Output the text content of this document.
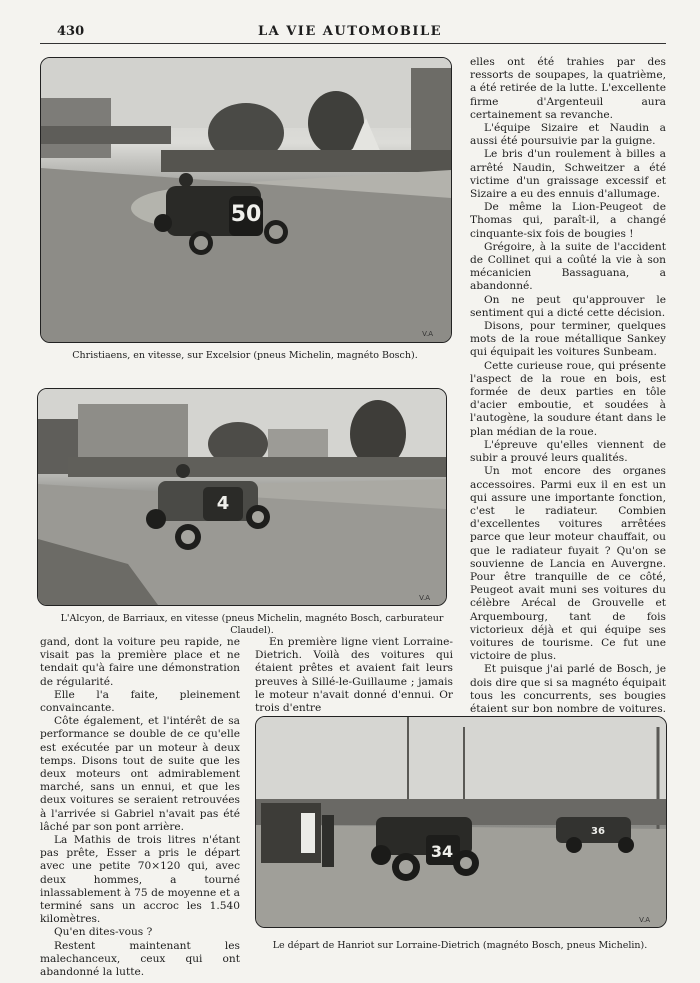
430	LA VIE AUTOMOBILE
50
V.A
Christiaens, en vitesse, sur Excelsior (pneus Michelin, magnéto Bosch).
4
V.A
L'Alcyon, de Barriaux, en vitesse (pneus Michelin, magnéto Bosch, carburateur Claudel).

elles ont été trahies par des ressorts de soupapes, la quatrième, a été retirée de la lutte. L'excellente firme d'Argenteuil aura certainement sa revanche.

L'équipe Sizaire et Naudin a aussi été poursuivie par la guigne.

Le bris d'un roulement à billes a arrêté Naudin, Schweitzer a été victime d'un graissage excessif et Sizaire a eu des ennuis d'allumage.

De même la Lion-Peugeot de Thomas qui, paraît-il, a changé cinquante-six fois de bougies !

Grégoire, à la suite de l'accident de Collinet qui a coûté la vie à son mécanicien Bassaguana, a abandonné.

On ne peut qu'approuver le sentiment qui a dicté cette décision.

Disons, pour terminer, quelques mots de la roue métallique Sankey qui équipait les voitures Sunbeam.

Cette curieuse roue, qui présente l'aspect de la roue en bois, est formée de deux parties en tôle d'acier emboutie, et soudées à l'autogène, la soudure étant dans le plan médian de la roue.

L'épreuve qu'elles viennent de subir a prouvé leurs qualités.

Un mot encore des organes accessoires. Parmi eux il en est un qui assure une importante fonction, c'est le radiateur. Combien d'excellentes voitures arrêtées parce que leur moteur chauffait, ou que le radiateur fuyait ? Qu'on se souvienne de Lancia en Auvergne. Pour être tranquille de ce côté, Peugeot avait muni ses voitures du célèbre Arécal de Grouvelle et Arquembourg, tant de fois victorieux déjà et qui équipe ses voitures de tourisme. Ce fut une victoire de plus.

Et puisque j'ai parlé de Bosch, je dois dire que si sa magnéto équipait tous les concurrents, ses bougies étaient sur bon nombre de voitures.

gand, dont la voiture peu rapide, ne visait pas la première place et ne tendait qu'à faire une démonstration de régularité.

Elle l'a faite, pleinement convaincante.

Côte également, et l'intérêt de sa performance se double de ce qu'elle est exécutée par un moteur à deux temps. Disons tout de suite que les deux moteurs ont admirablement marché, sans un ennui, et que les deux voitures se seraient retrouvées à l'arrivée si Gabriel n'avait pas été lâché par son pont arrière.

La Mathis de trois litres n'étant pas prête, Esser a pris le départ avec une petite 70×120 qui, avec deux hommes, a tourné inlassablement à 75 de moyenne et a terminé sans un accroc les 1.540 kilomètres.

Qu'en dites-vous ?

Restent maintenant les malechanceux, ceux qui ont abandonné la lutte.

En première ligne vient Lorraine-Dietrich. Voilà des voitures qui étaient prêtes et avaient fait leurs preuves à Sillé-le-Guillaume ; jamais le moteur n'avait donné d'ennui. Or trois d'entre

34
36
V.A
Le départ de Hanriot sur Lorraine-Dietrich (magnéto Bosch, pneus Michelin).
